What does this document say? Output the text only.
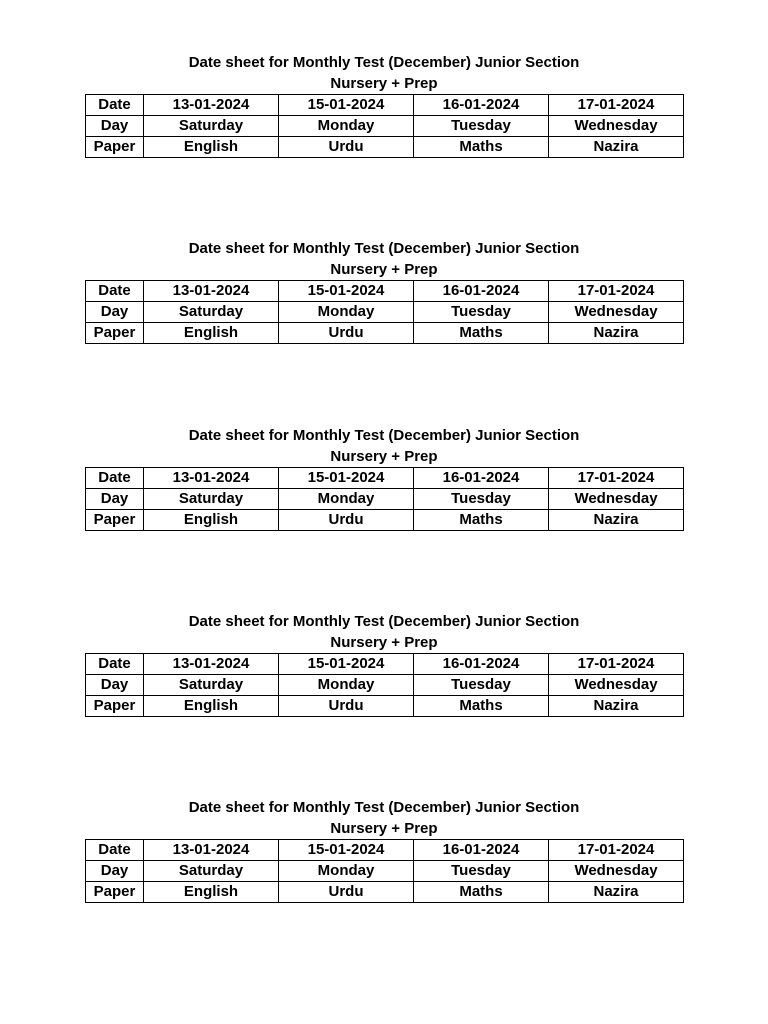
Date sheet for Monthly Test (December) Junior Section
Nursery + Prep
Date	13-01-2024	15-01-2024	16-01-2024	17-01-2024
Day	Saturday	Monday	Tuesday	Wednesday
Paper	English	Urdu	Maths	Nazira
Date sheet for Monthly Test (December) Junior Section
Nursery + Prep
Date	13-01-2024	15-01-2024	16-01-2024	17-01-2024
Day	Saturday	Monday	Tuesday	Wednesday
Paper	English	Urdu	Maths	Nazira
Date sheet for Monthly Test (December) Junior Section
Nursery + Prep
Date	13-01-2024	15-01-2024	16-01-2024	17-01-2024
Day	Saturday	Monday	Tuesday	Wednesday
Paper	English	Urdu	Maths	Nazira
Date sheet for Monthly Test (December) Junior Section
Nursery + Prep
Date	13-01-2024	15-01-2024	16-01-2024	17-01-2024
Day	Saturday	Monday	Tuesday	Wednesday
Paper	English	Urdu	Maths	Nazira
Date sheet for Monthly Test (December) Junior Section
Nursery + Prep
Date	13-01-2024	15-01-2024	16-01-2024	17-01-2024
Day	Saturday	Monday	Tuesday	Wednesday
Paper	English	Urdu	Maths	Nazira
